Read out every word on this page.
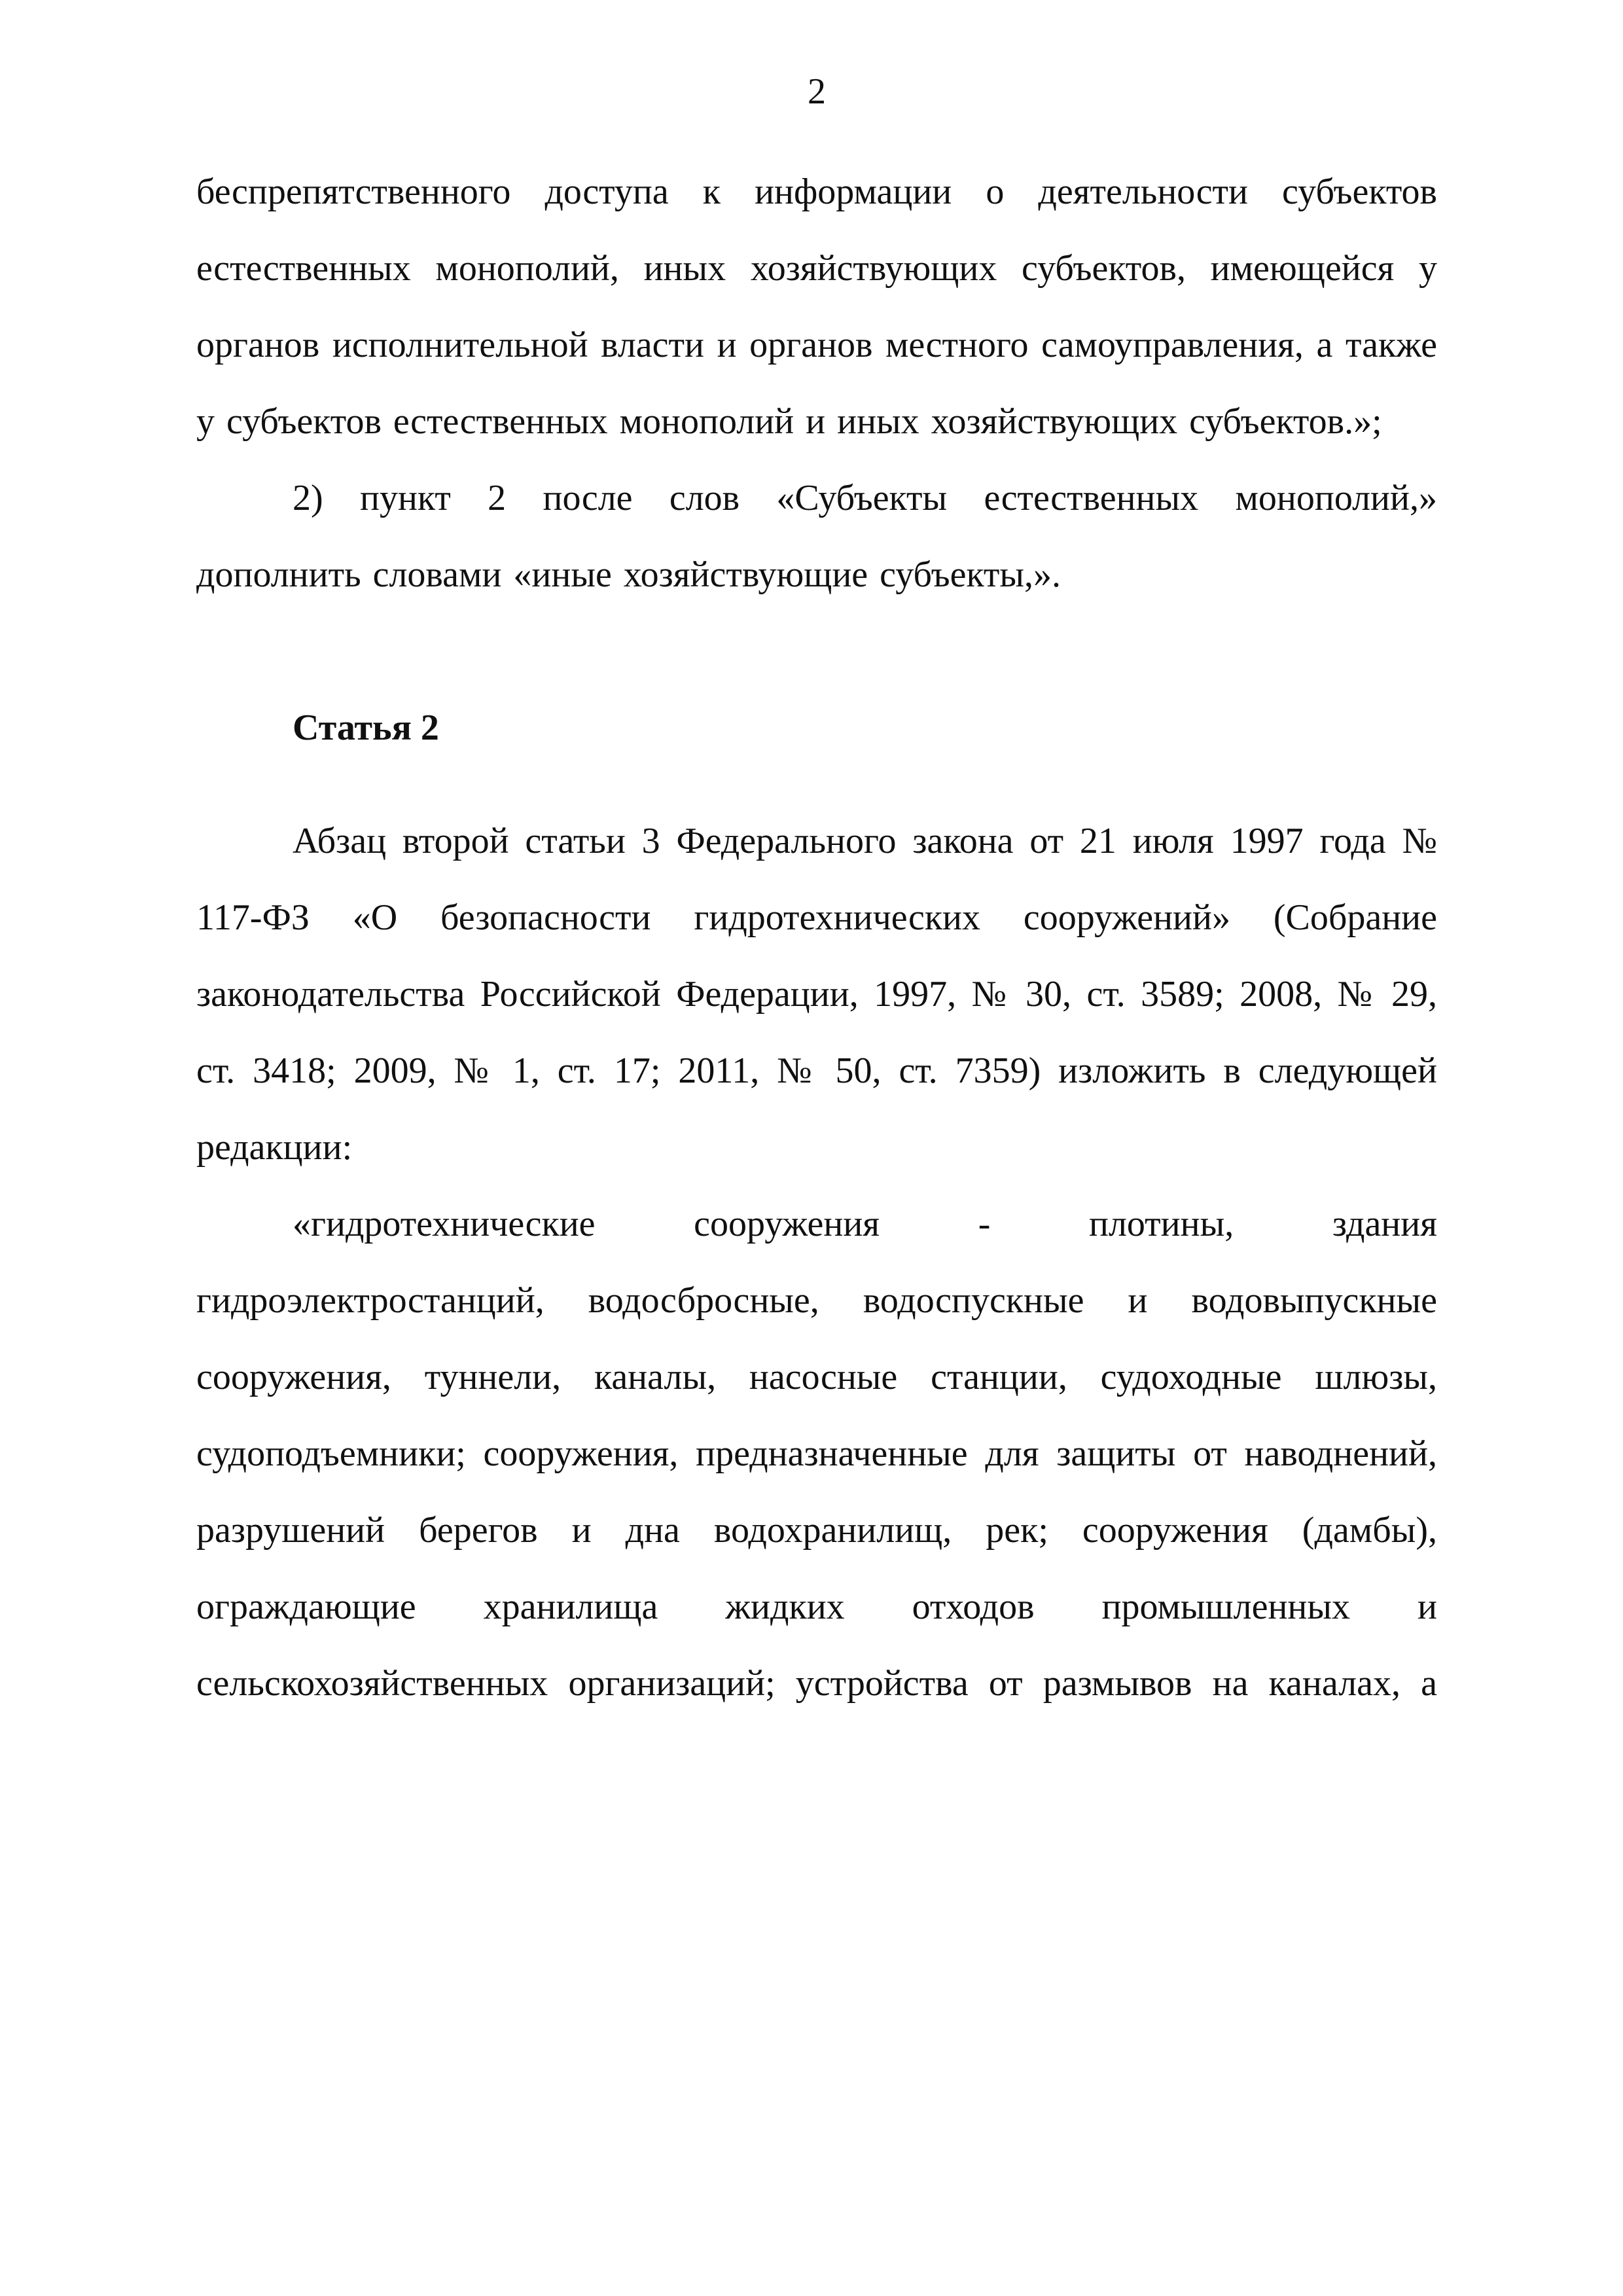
2

беспрепятственного доступа к информации о деятельности субъектов естественных монополий, иных хозяйствующих субъектов, имеющейся у органов исполнительной власти и органов местного самоуправления, а также у субъектов естественных монополий и иных хозяйствующих субъектов.»;

2) пункт 2 после слов «Субъекты естественных монополий,» дополнить словами «иные хозяйствующие субъекты,».

Статья 2

Абзац второй статьи 3 Федерального закона от 21 июля 1997 года № 117-ФЗ «О безопасности гидротехнических сооружений» (Собрание законодательства Российской Федерации, 1997, № 30, ст. 3589; 2008, № 29, ст. 3418; 2009, № 1, ст. 17; 2011, № 50, ст. 7359) изложить в следующей редакции:

«гидротехнические сооружения - плотины, здания гидроэлектростанций, водосбросные, водоспускные и водовыпускные сооружения, туннели, каналы, насосные станции, судоходные шлюзы, судоподъемники; сооружения, предназначенные для защиты от наводнений, разрушений берегов и дна водохранилищ, рек; сооружения (дамбы), ограждающие хранилища жидких отходов промышленных и сельскохозяйственных организаций; устройства от размывов на каналах, а
